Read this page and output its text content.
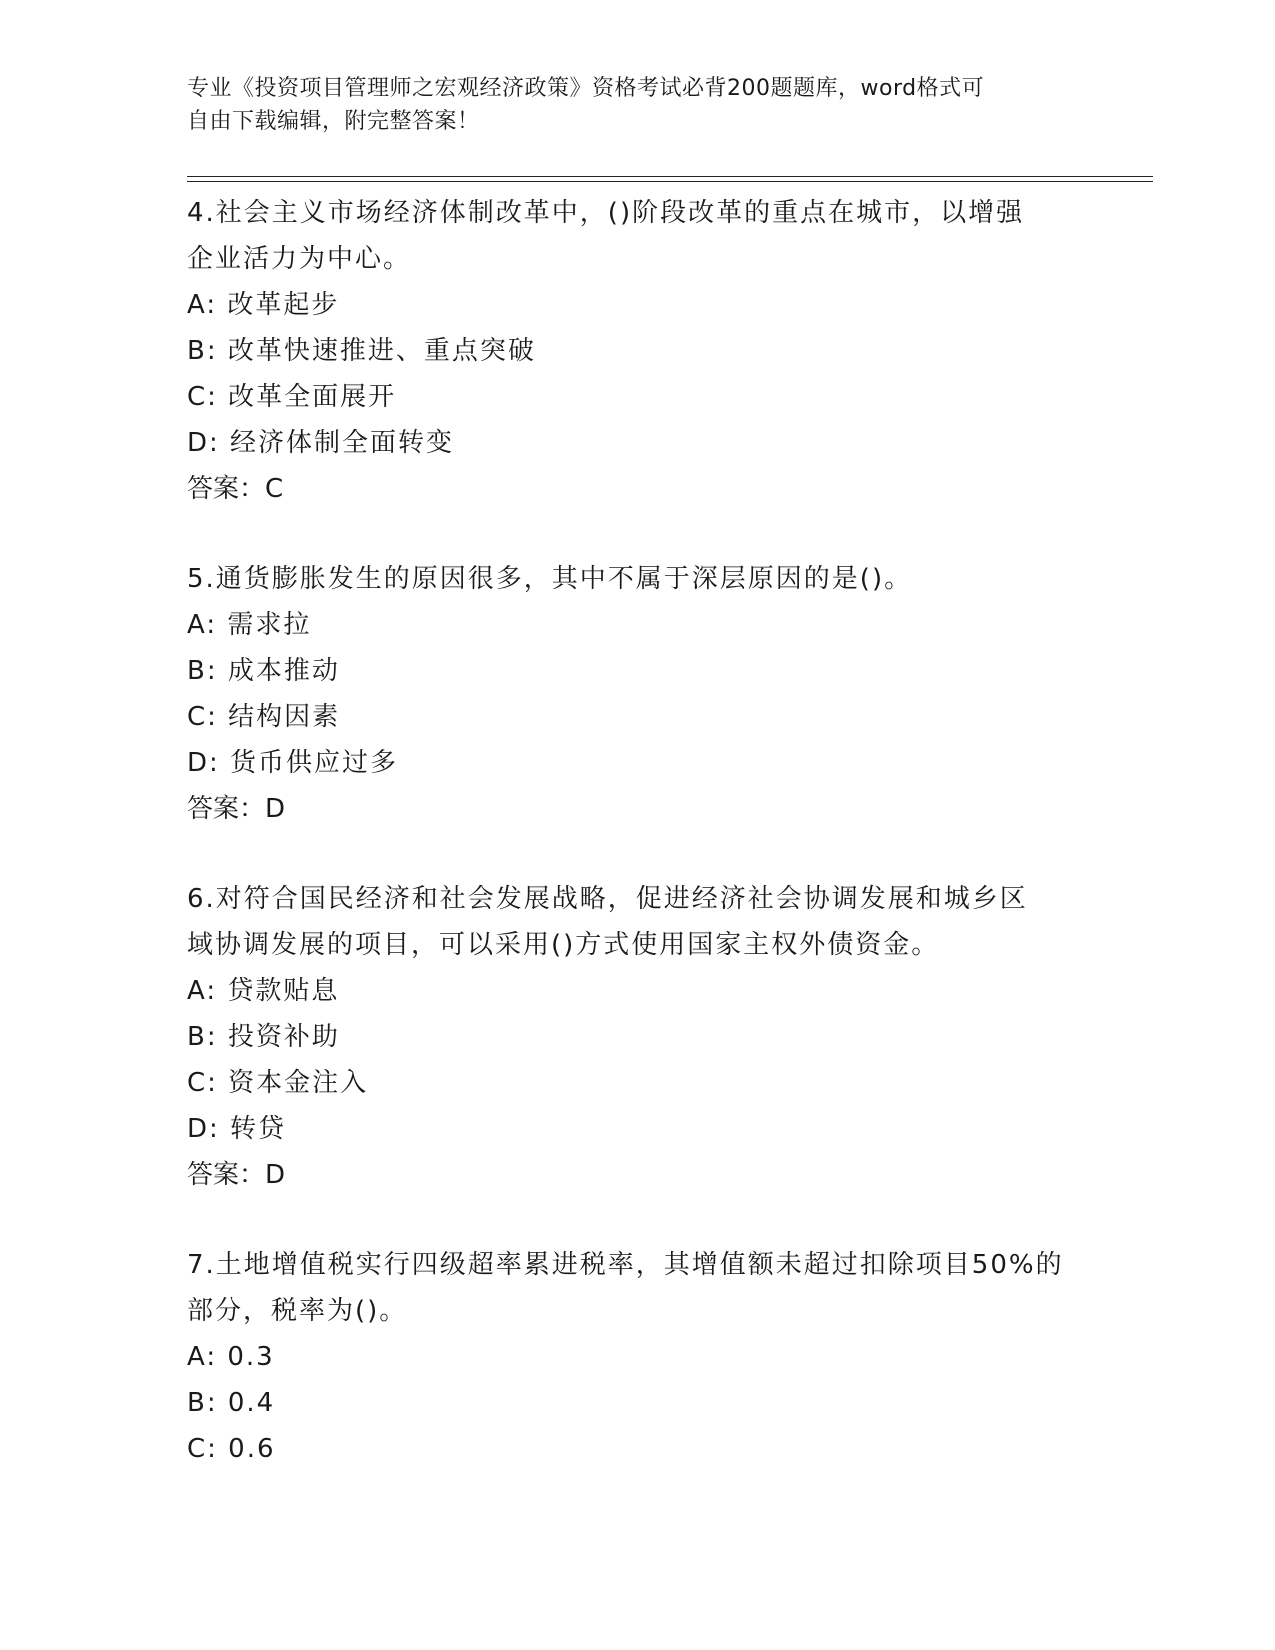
专业《投资项目管理师之宏观经济政策》资格考试必背200题题库，word格式可
自由下载编辑，附完整答案！
4.社会主义市场经济体制改革中，()阶段改革的重点在城市，以增强
企业活力为中心。
A: 改革起步
B: 改革快速推进、重点突破
C: 改革全面展开
D: 经济体制全面转变
答案：C
5.通货膨胀发生的原因很多，其中不属于深层原因的是()。
A: 需求拉
B: 成本推动
C: 结构因素
D: 货币供应过多
答案：D
6.对符合国民经济和社会发展战略，促进经济社会协调发展和城乡区
域协调发展的项目，可以采用()方式使用国家主权外债资金。
A: 贷款贴息
B: 投资补助
C: 资本金注入
D: 转贷
答案：D
7.土地增值税实行四级超率累进税率，其增值额未超过扣除项目50%的
部分，税率为()。
A: 0.3
B: 0.4
C: 0.6
